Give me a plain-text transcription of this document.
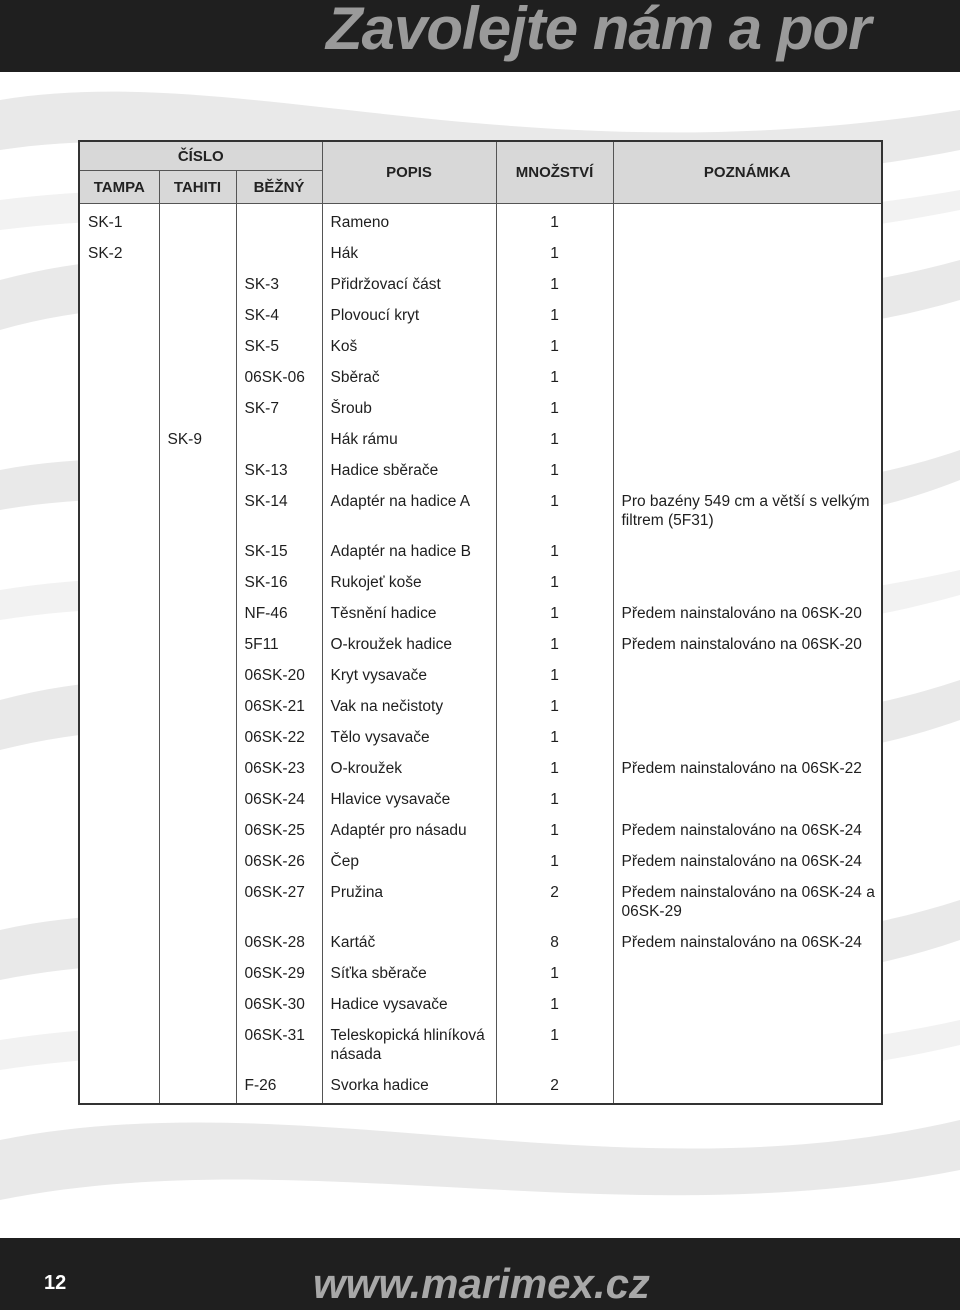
Zavolejte nám a por
ČÍSLO			POPIS	MNOŽSTVÍ	POZNÁMKA
TAMPA	TAHITI	BĚŽNÝ			
SK-1			Rameno	1	
SK-2			Hák	1	
		SK-3	Přidržovací část	1	
		SK-4	Plovoucí kryt	1	
		SK-5	Koš	1	
		06SK-06	Sběrač	1	
		SK-7	Šroub	1	
	SK-9		Hák rámu	1	
		SK-13	Hadice sběrače	1	
		SK-14	Adaptér na hadice A	1	Pro bazény 549 cm a větší s velkým filtrem (5F31)
		SK-15	Adaptér na hadice B	1	
		SK-16	Rukojeť koše	1	
		NF-46	Těsnění hadice	1	Předem nainstalováno na 06SK-20
		5F11	O-kroužek hadice	1	Předem nainstalováno na 06SK-20
		06SK-20	Kryt vysavače	1	
		06SK-21	Vak na nečistoty	1	
		06SK-22	Tělo vysavače	1	
		06SK-23	O-kroužek	1	Předem nainstalováno na 06SK-22
		06SK-24	Hlavice vysavače	1	
		06SK-25	Adaptér pro násadu	1	Předem nainstalováno na 06SK-24
		06SK-26	Čep	1	Předem nainstalováno na 06SK-24
		06SK-27	Pružina	2	Předem nainstalováno na 06SK-24 a 06SK-29
		06SK-28	Kartáč	8	Předem nainstalováno na 06SK-24
		06SK-29	Síťka sběrače	1	
		06SK-30	Hadice vysavače	1	
		06SK-31	Teleskopická hliníková násada	1	
		F-26	Svorka hadice	2	
12	www.marimex.cz
